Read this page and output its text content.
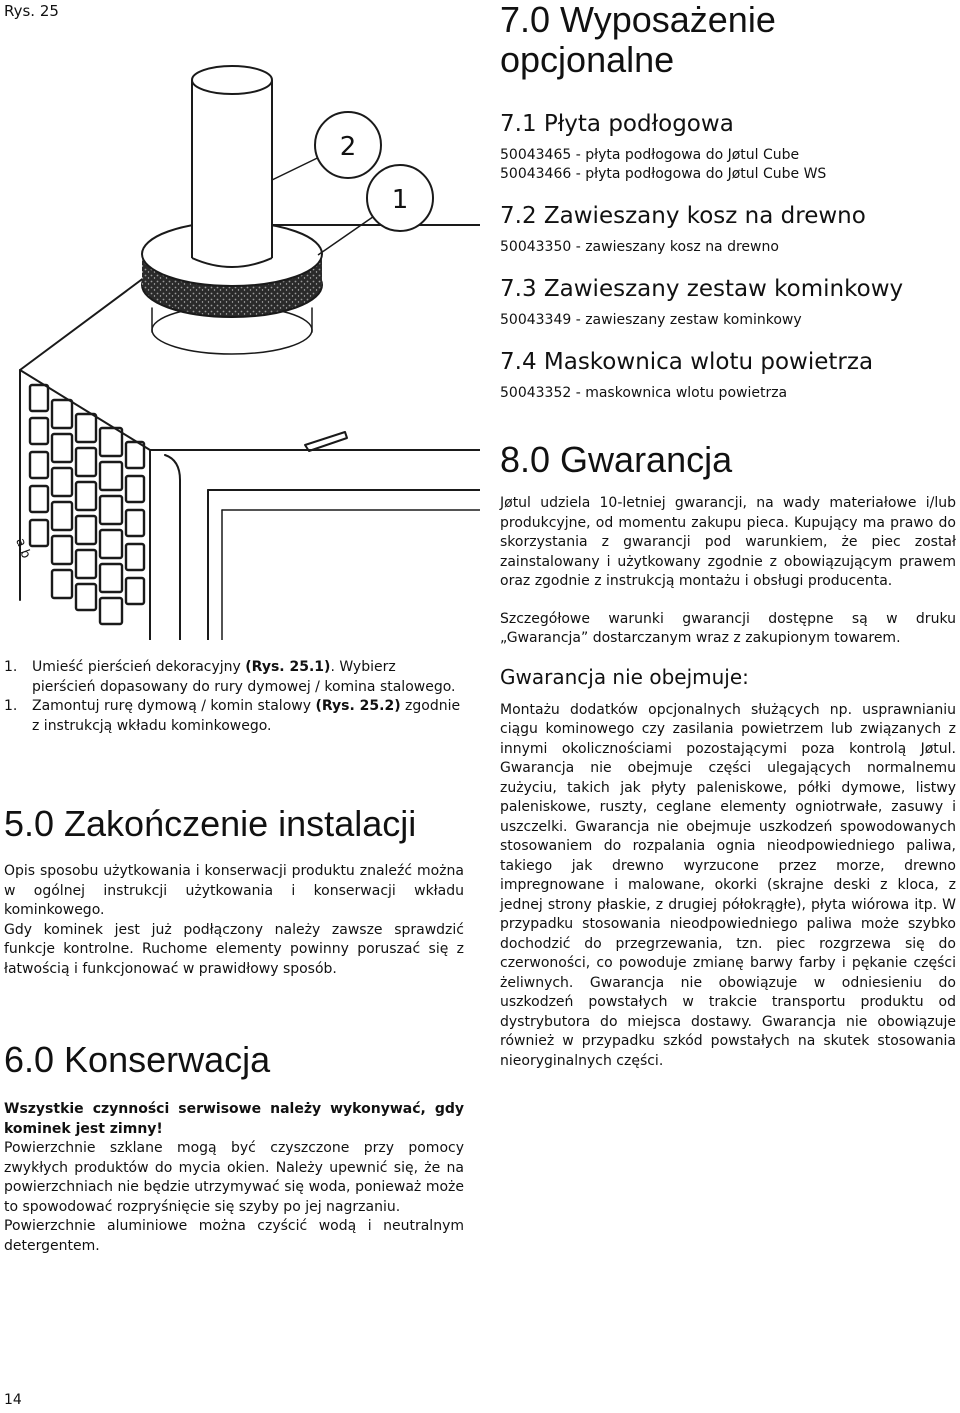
Rys. 25
2
1
a.b
1.	Umieść pierścień dekoracyjny (Rys. 25.1). Wybierz pierścień dopasowany do rury dymowej / komina stalowego.

1.	Zamontuj rurę dymową / komin stalowy (Rys. 25.2) zgodnie z instrukcją wkładu kominkowego.

5.0 Zakończenie instalacji

Opis sposobu użytkowania i konserwacji produktu znaleźć można w ogólnej instrukcji użytkowania i konserwacji wkładu kominkowego.

Gdy kominek jest już podłączony należy zawsze sprawdzić funkcje kontrolne. Ruchome elementy powinny poruszać się z łatwością i funkcjonować w prawidłowy sposób.

6.0 Konserwacja

Wszystkie czynności serwisowe należy wykonywać, gdy kominek jest zimny!

Powierzchnie szklane mogą być czyszczone przy pomocy zwykłych produktów do mycia okien. Należy upewnić się, że na powierzchniach nie będzie utrzymywać się woda, ponieważ może to spowodować rozpryśnięcie się szyby po jej nagrzaniu.

Powierzchnie aluminiowe można czyścić wodą i neutralnym detergentem.

7.0 Wyposażenie opcjonalne
7.1 Płyta podłogowa

50043465 - płyta podłogowa do Jøtul Cube

50043466 - płyta podłogowa do Jøtul Cube WS

7.2 Zawieszany kosz na drewno

50043350 - zawieszany kosz na drewno

7.3 Zawieszany zestaw kominkowy

50043349 - zawieszany zestaw kominkowy

7.4 Maskownica wlotu powietrza

50043352 - maskownica wlotu powietrza

8.0 Gwarancja

Jøtul udziela 10-letniej gwarancji, na wady materiałowe i/lub produkcyjne, od momentu zakupu pieca. Kupujący ma prawo do skorzystania z gwarancji pod warunkiem, że piec został zainstalowany i użytkowany zgodnie z obowiązującym prawem oraz zgodnie z instrukcją montażu i obsługi producenta.

Szczegółowe warunki gwarancji dostępne są w druku „Gwarancja” dostarczanym wraz z zakupionym towarem.

Gwarancja nie obejmuje:

Montażu dodatków opcjonalnych służących np. usprawnianiu ciągu kominowego czy zasilania powietrzem lub związanych z innymi okolicznościami pozostającymi poza kontrolą Jøtul. Gwarancja nie obejmuje części ulegających normalnemu zużyciu, takich jak płyty paleniskowe, półki dymowe, listwy paleniskowe, ruszty, ceglane elementy ogniotrwałe, zasuwy i uszczelki. Gwarancja nie obejmuje uszkodzeń spowodowanych stosowaniem do rozpalania ognia nieodpowiedniego paliwa, takiego jak drewno wyrzucone przez morze, drewno impregnowane i malowane, okorki (skrajne deski z kloca, z jednej strony płaskie, z drugiej półokrągłe), płyta wiórowa itp. W przypadku stosowania nieodpowiedniego paliwa może szybko dochodzić do przegrzewania, tzn. piec rozgrzewa się do czerwoności, co powoduje zmianę barwy farby i pękanie części żeliwnych. Gwarancja nie obowiązuje w odniesieniu do uszkodzeń powstałych w trakcie transportu produktu od dystrybutora do miejsca dostawy. Gwarancja nie obowiązuje również w przypadku szkód powstałych na skutek stosowania nieoryginalnych części.

14
